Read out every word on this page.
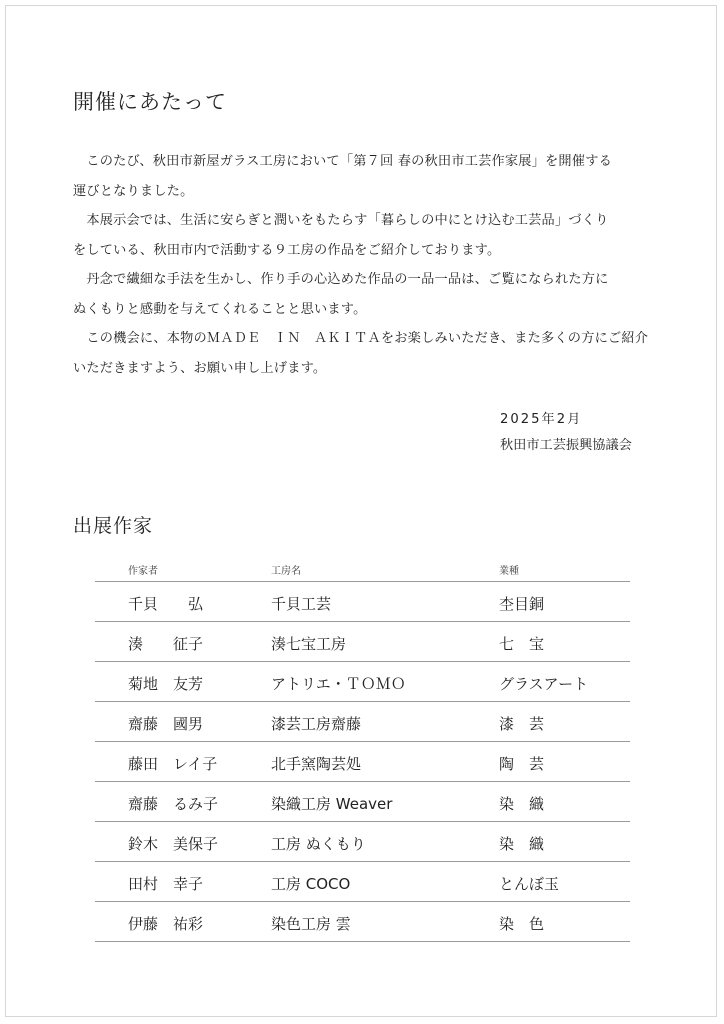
開催にあたって

　このたび、秋田市新屋ガラス工房において「第７回 春の秋田市工芸作家展」を開催する
運びとなりました。

　本展示会では、生活に安らぎと潤いをもたらす「暮らしの中にとけ込む工芸品」づくり
をしている、秋田市内で活動する９工房の作品をご紹介しております。

　丹念で繊細な手法を生かし、作り手の心込めた作品の一品一品は、ご覧になられた方に
ぬくもりと感動を与えてくれることと思います。

　この機会に、本物のＭＡＤＥ　ＩＮ　ＡＫＩＴＡをお楽しみいただき、また多くの方にご紹介
いただきますよう、お願い申し上げます。

2025年2月
秋田市工芸振興協議会
出展作家
作家者	工房名	業種
千貝　　弘	千貝工芸	杢目銅
湊　　征子	湊七宝工房	七　宝
菊地　友芳	アトリエ・ＴＯＭＯ	グラスアート
齋藤　國男	漆芸工房齋藤	漆　芸
藤田　レイ子	北手窯陶芸処	陶　芸
齋藤　るみ子	染織工房 Weaver	染　織
鈴木　美保子	工房 ぬくもり	染　織
田村　幸子	工房 COCO	とんぼ玉
伊藤　祐彩	染色工房 雲	染　色
